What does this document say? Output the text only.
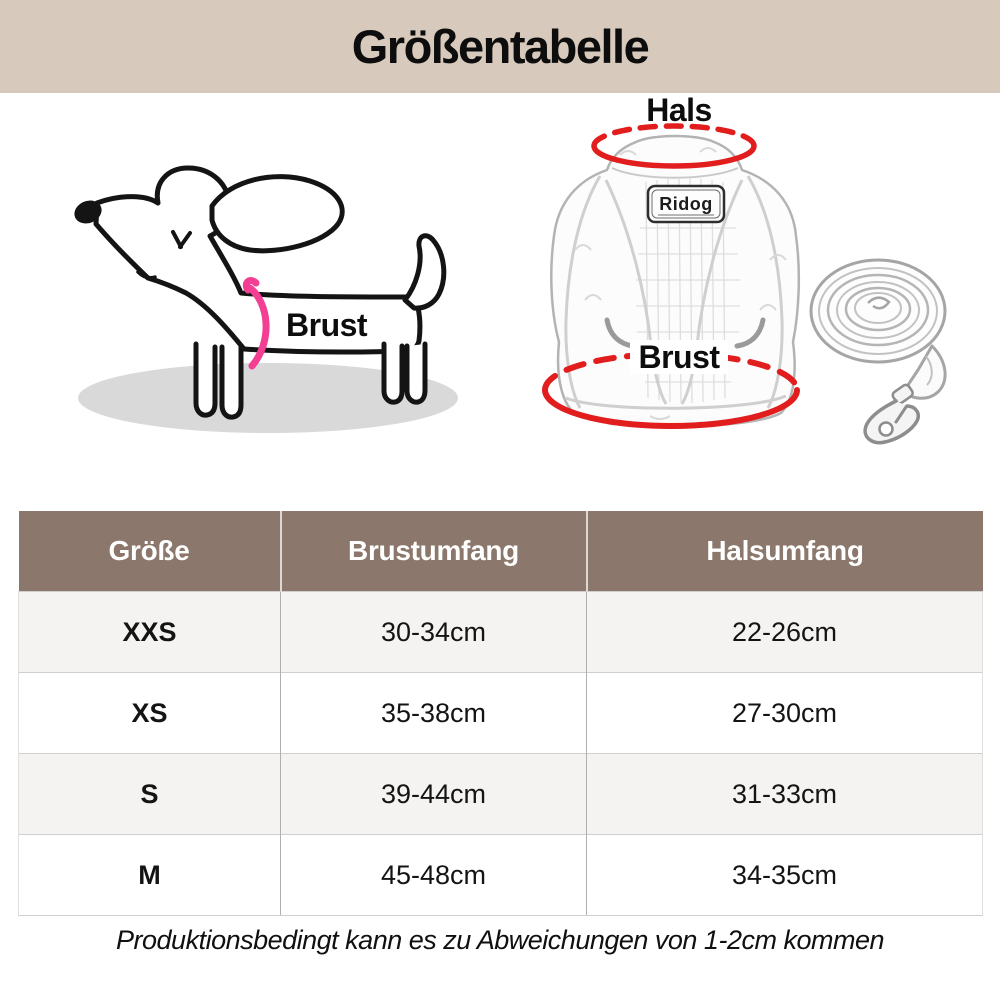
Größentabelle
Brust
Ridog
Hals
Brust
Größe	Brustumfang	Halsumfang
XXS	30-34cm	22-26cm
XS	35-38cm	27-30cm
S	39-44cm	31-33cm
M	45-48cm	34-35cm
Produktionsbedingt kann es zu Abweichungen von 1-2cm kommen
